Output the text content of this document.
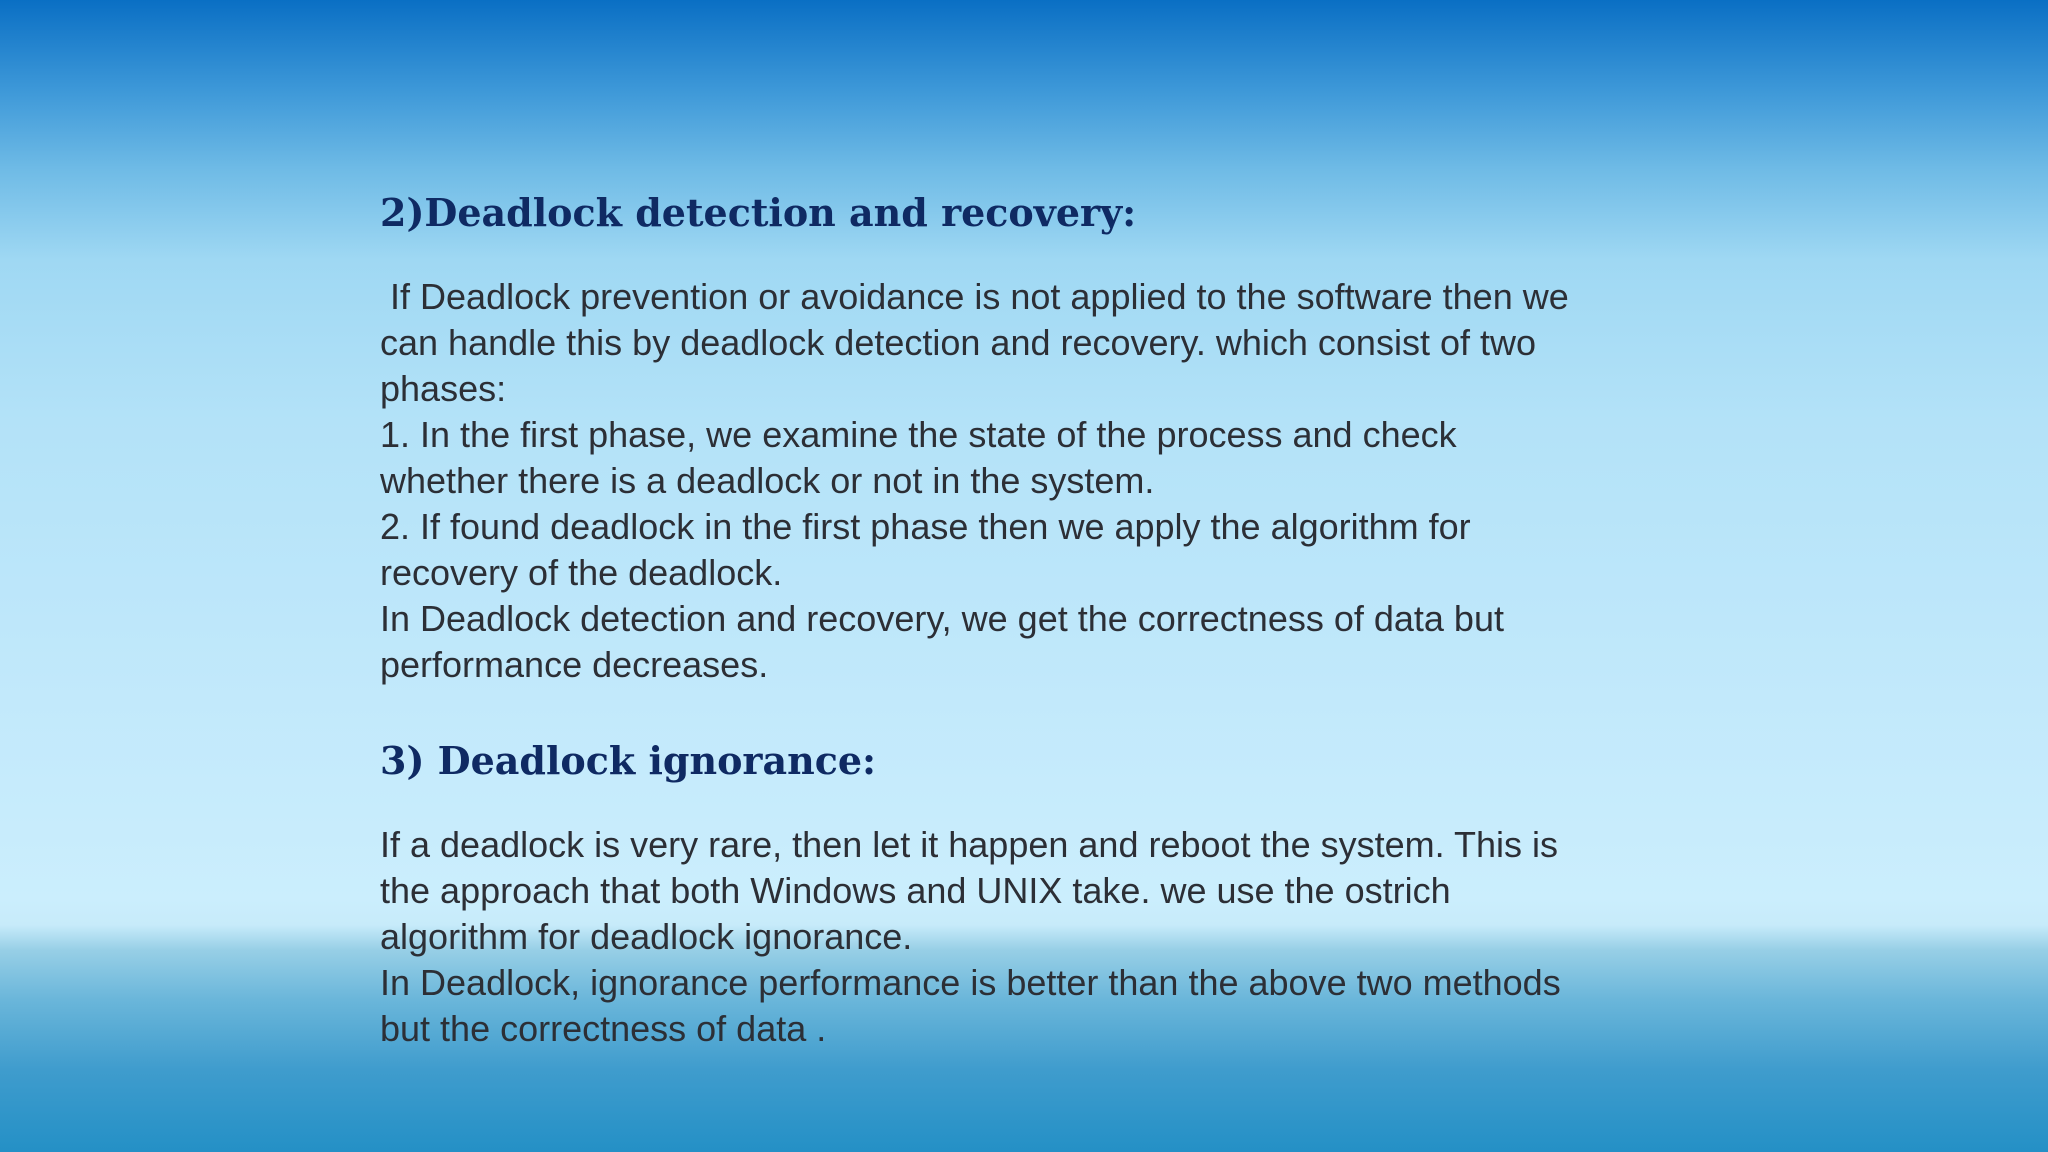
2)Deadlock detection and recovery:
If Deadlock prevention or avoidance is not applied to the software then we
can handle this by deadlock detection and recovery. which consist of two
phases:
1. In the first phase, we examine the state of the process and check
whether there is a deadlock or not in the system.
2. If found deadlock in the first phase then we apply the algorithm for
recovery of the deadlock.
In Deadlock detection and recovery, we get the correctness of data but
performance decreases.
3) Deadlock ignorance:
If a deadlock is very rare, then let it happen and reboot the system. This is
the approach that both Windows and UNIX take. we use the ostrich
algorithm for deadlock ignorance.
In Deadlock, ignorance performance is better than the above two methods
but the correctness of data .
